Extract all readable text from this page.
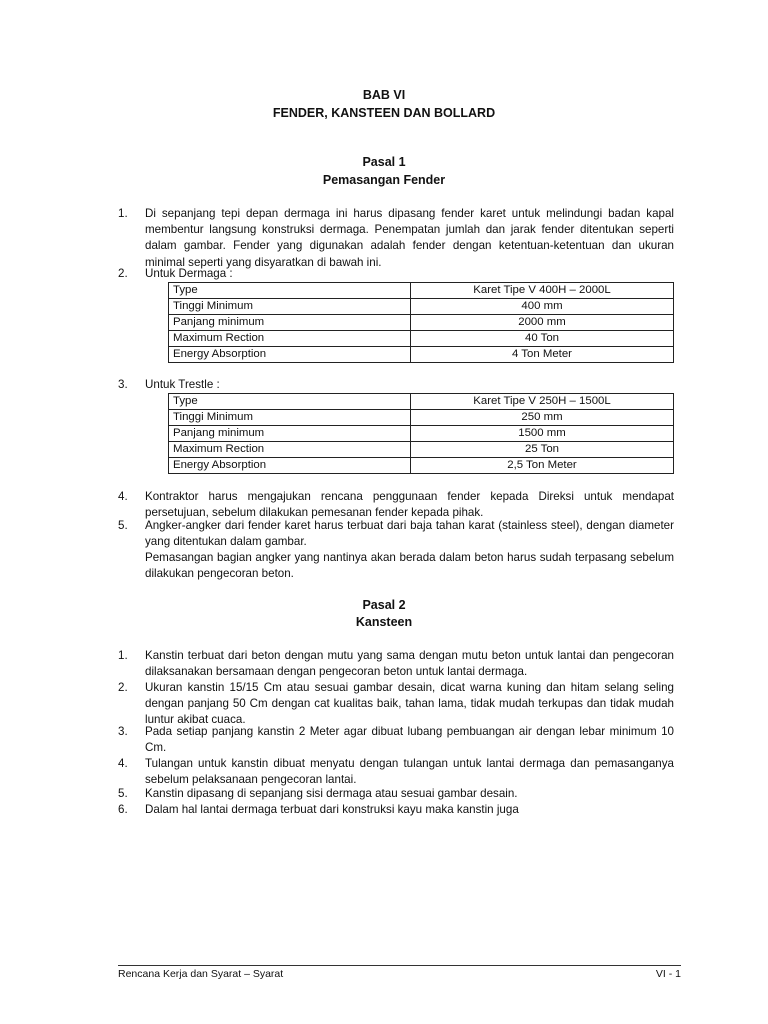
BAB VI
FENDER, KANSTEEN DAN BOLLARD
Pasal 1
Pemasangan Fender
1.	Di sepanjang tepi depan dermaga ini harus dipasang fender karet untuk melindungi badan kapal membentur langsung konstruksi dermaga. Penempatan jumlah dan jarak fender ditentukan seperti dalam gambar. Fender yang digunakan adalah fender dengan ketentuan-ketentuan dan ukuran minimal seperti yang disyaratkan di bawah ini.
2.	Untuk Dermaga :
Type	Karet Tipe V 400H – 2000L
Tinggi Minimum	400 mm
Panjang minimum	2000 mm
Maximum Rection	40 Ton
Energy Absorption	4 Ton Meter
3.	Untuk Trestle :
Type	Karet Tipe V 250H – 1500L
Tinggi Minimum	250 mm
Panjang minimum	1500 mm
Maximum Rection	25 Ton
Energy Absorption	2,5 Ton Meter
4.	Kontraktor harus mengajukan rencana penggunaan fender kepada Direksi untuk mendapat persetujuan, sebelum dilakukan pemesanan fender kepada pihak.
5.	Angker-angker dari fender karet harus terbuat dari baja tahan karat (stainless steel), dengan diameter yang ditentukan dalam gambar.
Pemasangan bagian angker yang nantinya akan berada dalam beton harus sudah terpasang sebelum dilakukan pengecoran beton.
Pasal 2
Kansteen
1.	Kanstin terbuat dari beton dengan mutu yang sama dengan mutu beton untuk lantai dan pengecoran dilaksanakan bersamaan dengan pengecoran beton untuk lantai dermaga.
2.	Ukuran kanstin 15/15 Cm atau sesuai gambar desain, dicat warna kuning dan hitam selang seling dengan panjang 50 Cm dengan cat kualitas baik, tahan lama, tidak mudah terkupas dan tidak mudah luntur akibat cuaca.
3.	Pada setiap panjang kanstin 2 Meter agar dibuat lubang pembuangan air dengan lebar minimum 10 Cm.
4.	Tulangan untuk kanstin dibuat menyatu dengan tulangan untuk lantai dermaga dan pemasanganya sebelum pelaksanaan pengecoran lantai.
5.	Kanstin dipasang di sepanjang sisi dermaga atau sesuai gambar desain.
6.	Dalam hal lantai dermaga terbuat dari konstruksi kayu maka kanstin juga
Rencana Kerja dan Syarat – Syarat	VI - 1
